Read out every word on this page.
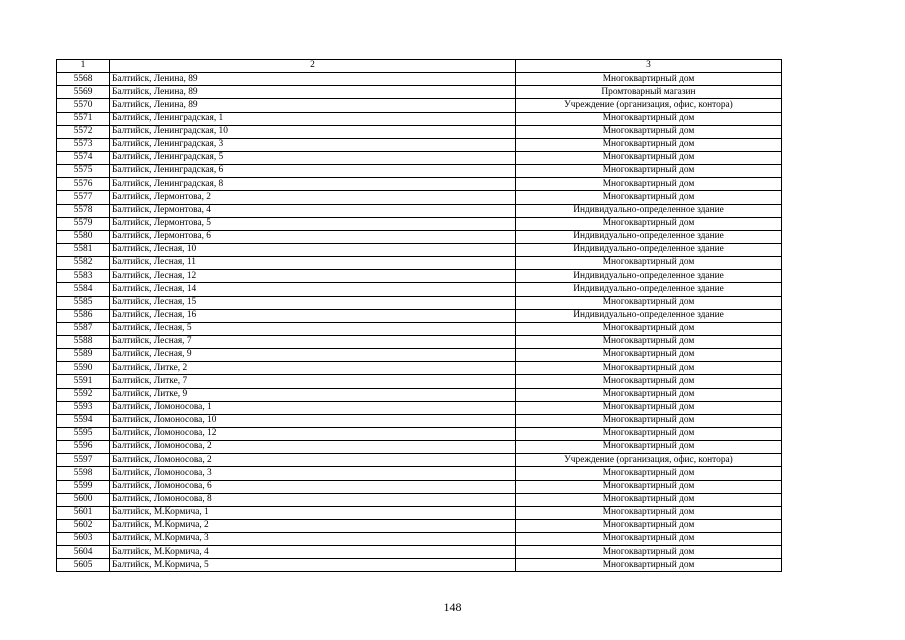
1	2	3
5568	Балтийск, Ленина, 89	Многоквартирный дом
5569	Балтийск, Ленина, 89	Промтоварный магазин
5570	Балтийск, Ленина, 89	Учреждение (организация, офис, контора)
5571	Балтийск, Ленинградская, 1	Многоквартирный дом
5572	Балтийск, Ленинградская, 10	Многоквартирный дом
5573	Балтийск, Ленинградская, 3	Многоквартирный дом
5574	Балтийск, Ленинградская, 5	Многоквартирный дом
5575	Балтийск, Ленинградская, 6	Многоквартирный дом
5576	Балтийск, Ленинградская, 8	Многоквартирный дом
5577	Балтийск, Лермонтова, 2	Многоквартирный дом
5578	Балтийск, Лермонтова, 4	Индивидуально-определенное здание
5579	Балтийск, Лермонтова, 5	Многоквартирный дом
5580	Балтийск, Лермонтова, 6	Индивидуально-определенное здание
5581	Балтийск, Лесная, 10	Индивидуально-определенное здание
5582	Балтийск, Лесная, 11	Многоквартирный дом
5583	Балтийск, Лесная, 12	Индивидуально-определенное здание
5584	Балтийск, Лесная, 14	Индивидуально-определенное здание
5585	Балтийск, Лесная, 15	Многоквартирный дом
5586	Балтийск, Лесная, 16	Индивидуально-определенное здание
5587	Балтийск, Лесная, 5	Многоквартирный дом
5588	Балтийск, Лесная, 7	Многоквартирный дом
5589	Балтийск, Лесная, 9	Многоквартирный дом
5590	Балтийск, Литке, 2	Многоквартирный дом
5591	Балтийск, Литке, 7	Многоквартирный дом
5592	Балтийск, Литке, 9	Многоквартирный дом
5593	Балтийск, Ломоносова, 1	Многоквартирный дом
5594	Балтийск, Ломоносова, 10	Многоквартирный дом
5595	Балтийск, Ломоносова, 12	Многоквартирный дом
5596	Балтийск, Ломоносова, 2	Многоквартирный дом
5597	Балтийск, Ломоносова, 2	Учреждение (организация, офис, контора)
5598	Балтийск, Ломоносова, 3	Многоквартирный дом
5599	Балтийск, Ломоносова, 6	Многоквартирный дом
5600	Балтийск, Ломоносова, 8	Многоквартирный дом
5601	Балтийск, М.Кормича, 1	Многоквартирный дом
5602	Балтийск, М.Кормича, 2	Многоквартирный дом
5603	Балтийск, М.Кормича, 3	Многоквартирный дом
5604	Балтийск, М.Кормича, 4	Многоквартирный дом
5605	Балтийск, М.Кормича, 5	Многоквартирный дом
148
